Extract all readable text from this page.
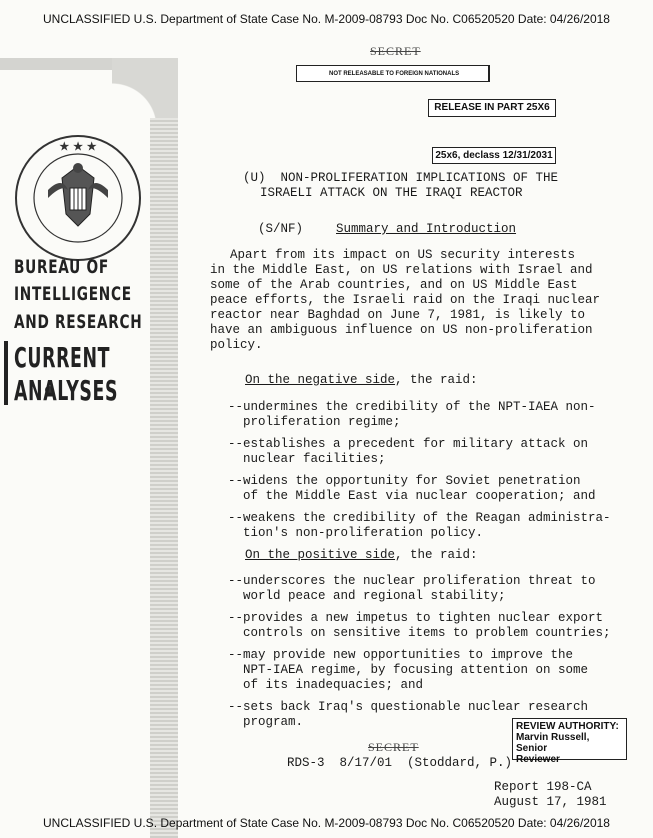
UNCLASSIFIED U.S. Department of State Case No. M-2009-08793 Doc No. C06520520 Date: 04/26/2018
★ ★ ★
BUREAU OF
INTELLIGENCE
AND RESEARCH
CURRENT
ANALYSES
SECRET
NOT RELEASABLE TO FOREIGN NATIONALS
RELEASE IN PART 25X6
25x6, declass 12/31/2031
(U)  NON-PROLIFERATION IMPLICATIONS OF THE
ISRAELI ATTACK ON THE IRAQI REACTOR
(S/NF)	Summary and Introduction
Apart from its impact on US security interests
in the Middle East, on US relations with Israel and
some of the Arab countries, and on US Middle East
peace efforts, the Israeli raid on the Iraqi nuclear
reactor near Baghdad on June 7, 1981, is likely to
have an ambiguous influence on US non-proliferation
policy.
On the negative side, the raid:
--undermines the credibility of the NPT-IAEA non-
proliferation regime;
--establishes a precedent for military attack on
nuclear facilities;
--widens the opportunity for Soviet penetration
of the Middle East via nuclear cooperation; and
--weakens the credibility of the Reagan administra-
tion's non-proliferation policy.
On the positive side, the raid:
--underscores the nuclear proliferation threat to
world peace and regional stability;
--provides a new impetus to tighten nuclear export
controls on sensitive items to problem countries;
--may provide new opportunities to improve the
NPT-IAEA regime, by focusing attention on some
of its inadequacies; and
--sets back Iraq's questionable nuclear research
program.	REVIEW AUTHORITY:
Marvin Russell, Senior
Reviewer
SECRET
RDS-3  8/17/01  (Stoddard, P.)
Report 198-CA
August 17, 1981
UNCLASSIFIED U.S. Department of State Case No. M-2009-08793 Doc No. C06520520 Date: 04/26/2018
